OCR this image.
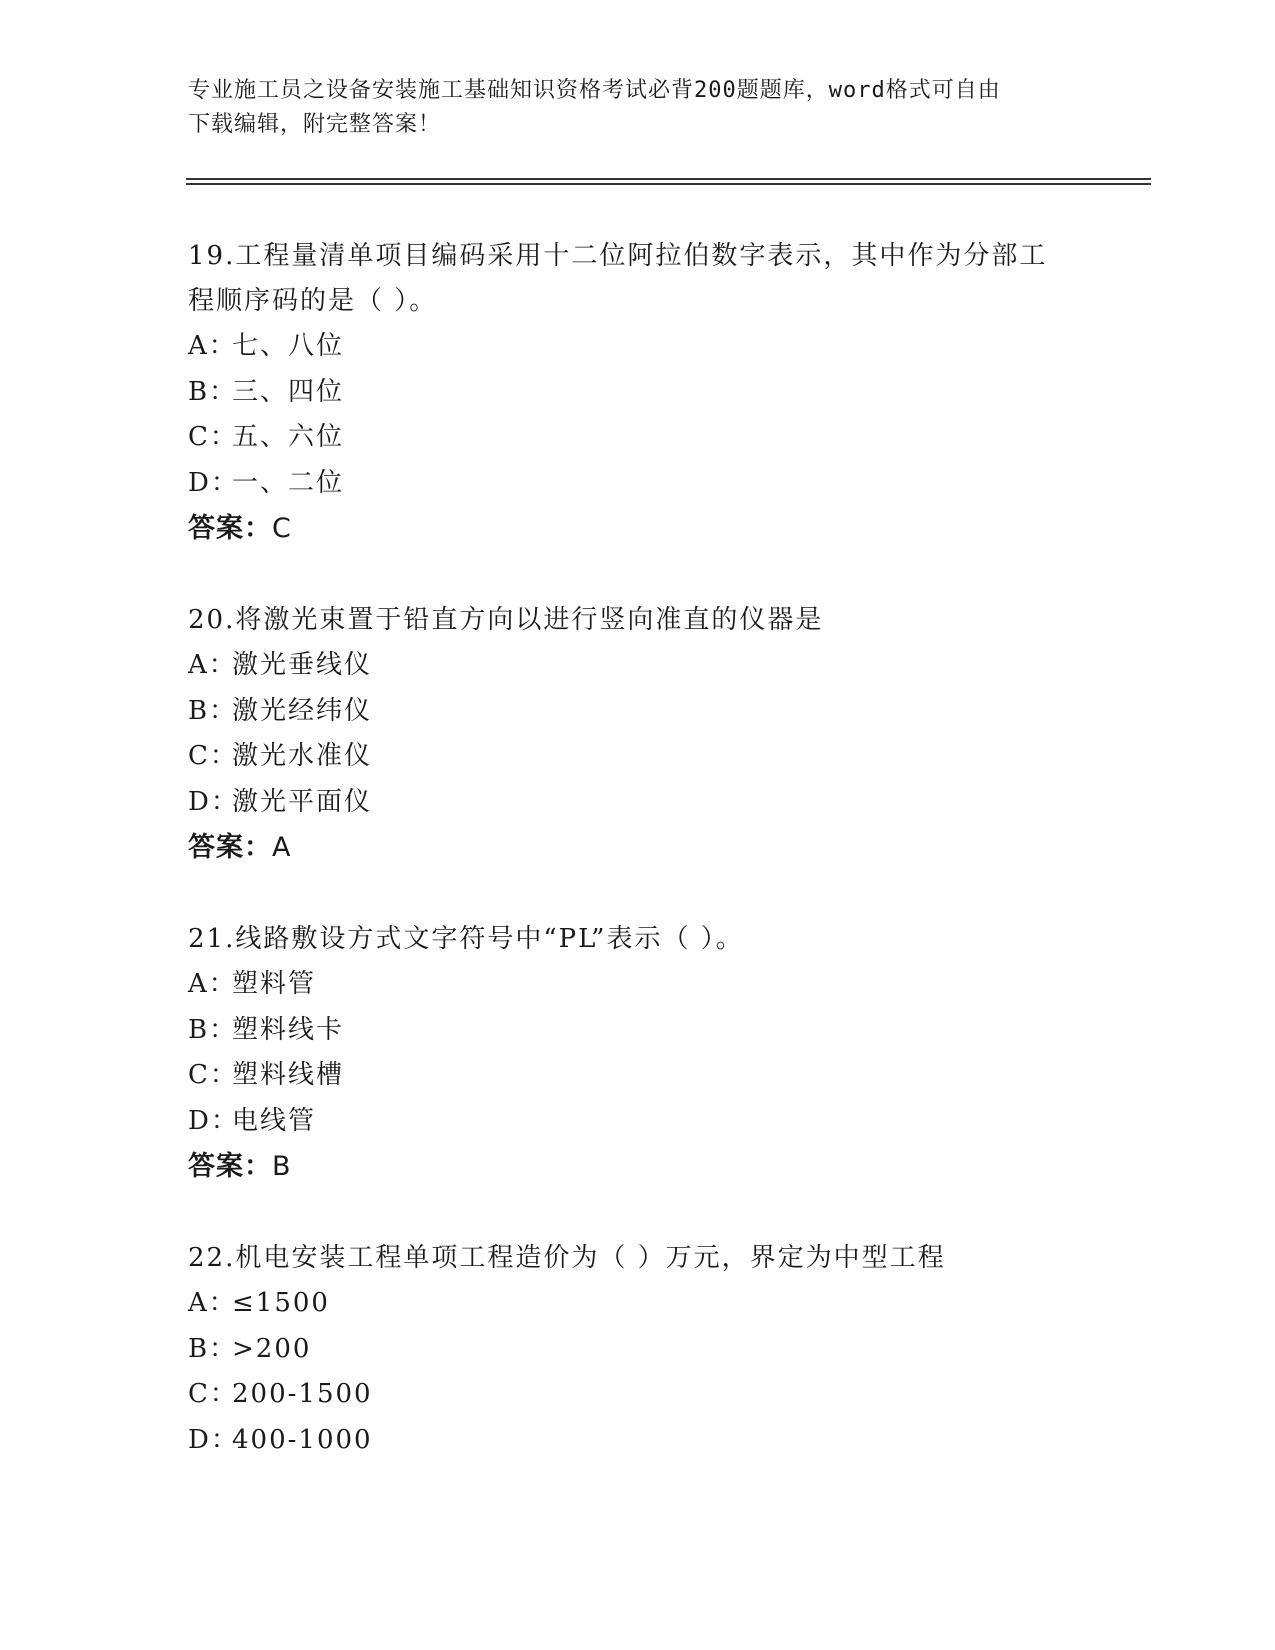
专业施工员之设备安装施工基础知识资格考试必背200题题库，word格式可自由
下载编辑，附完整答案！
19.工程量清单项目编码采用十二位阿拉伯数字表示，其中作为分部工
程顺序码的是（ ）。
A：七、八位
B：三、四位
C：五、六位
D：一、二位
答案：C
20.将激光束置于铅直方向以进行竖向准直的仪器是
A：激光垂线仪
B：激光经纬仪
C：激光水准仪
D：激光平面仪
答案：A
21.线路敷设方式文字符号中“PL”表示（ ）。
A：塑料管
B：塑料线卡
C：塑料线槽
D：电线管
答案：B
22.机电安装工程单项工程造价为（ ）万元，界定为中型工程
A：≤1500
B：>200
C：200-1500
D：400-1000
